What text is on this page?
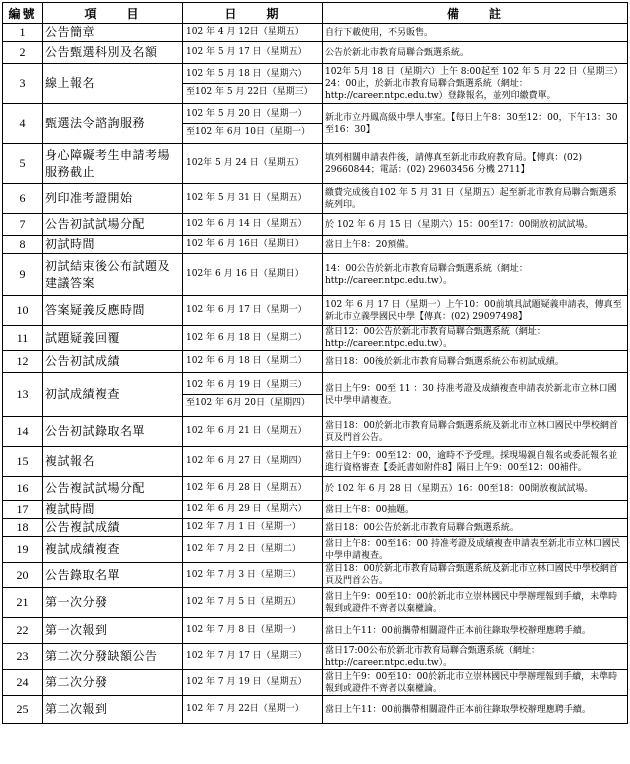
編號	項　　目	日　　期	備　　註
1	公告簡章	102 年 4 月 12日（星期五）	自行下載使用，不另販售。
2	公告甄選科別及名額	102 年 5 月 17 日（星期五）	公告於新北市教育局聯合甄選系統。
3	線上報名	102 年 5 月 18 日（星期六）
至102 年 5 月 22日（星期三）	102年 5月 18 日（星期六）上午 8:00起至 102 年 5 月 22 日（星期三）24：00止，於新北市教育局聯合甄選系統（網址：http://career.ntpc.edu.tw）登錄報名，並列印繳費單。
4	甄選法令諮詢服務	102 年 5 月 20 日（星期一）
至102 年 6月 10日（星期一）	新北市立丹鳳高級中學人事室。【每日上午8：30至12：00，下午13：30至16：30】
5	身心障礙考生申請考場服務截止	102年 5 月 24 日（星期五）	填列相關申請表件後，請傳真至新北市政府教育局。【傳真：(02) 29660844；電話：(02) 29603456 分機 2711】
6	列印准考證開始	102 年 5 月 31 日（星期五）	繳費完成後自102 年 5 月 31 日（星期五）起至新北市教育局聯合甄選系統列印。
7	公告初試試場分配	102 年 6 月 14 日（星期五）	於 102 年 6 月 15 日（星期六）15：00至17：00開放初試試場。
8	初試時間	102 年 6 月 16日（星期日）	當日上午8：20預備。
9	初試結束後公布試題及建議答案	102年 6 月 16 日（星期日）	14：00公告於新北市教育局聯合甄選系統（網址：http://career.ntpc.edu.tw）。
10	答案疑義反應時間	102 年 6 月 17 日（星期一）	102 年 6 月 17 日（星期一）上午10：00前填具試題疑義申請表，傳真至新北市立義學國民中學【傳真：(02) 29097498】
11	試題疑義回覆	102 年 6 月 18 日（星期二）	當日12：00公告於新北市教育局聯合甄選系統（網址：http://career.ntpc.edu.tw）。
12	公告初試成績	102 年 6 月 18 日（星期二）	當日18：00後於新北市教育局聯合甄選系統公布初試成績。
13	初試成績複查	102 年 6 月 19 日（星期三）
至102 年 6月 20日（星期四）	當日上午9：00至 11 ：30 持准考證及成績複查申請表於新北市立林口國民中學申請複查。
14	公告初試錄取名單	102 年 6 月 21 日（星期五）	當日18：00於新北市教育局聯合甄選系統及新北市立林口國民中學校網首頁及門首公告。
15	複試報名	102 年 6 月 27 日（星期四）	當日上午9：00至12：00，逾時不予受理。採現場親自報名或委託報名並進行資格審查【委託書如附件8】隔日上午9：00至12：00補件。
16	公告複試試場分配	102 年 6 月 28 日（星期五）	於 102 年 6 月 28 日（星期五）16：00至18：00開放複試試場。
17	複試時間	102 年 6 月 29 日（星期六）	當日上午8：00抽題。
18	公告複試成績	102 年 7 月 1 日（星期一）	當日18：00公告於新北市教育局聯合甄選系統。
19	複試成績複查	102 年 7 月 2 日（星期二）	當日上午8：00至16：00 持准考證及成績複查申請表至新北市立林口國民中學申請複查。
20	公告錄取名單	102 年 7 月 3 日（星期三）	當日18：00於新北市教育局聯合甄選系統及新北市立林口國民中學校網首頁及門首公告。
21	第一次分發	102 年 7 月 5 日（星期五）	當日上午9：00至10：00於新北市立崇林國民中學辦理報到手續，未準時報到或證件不齊者以棄權論。
22	第一次報到	102 年 7 月 8 日（星期一）	當日上午11：00前攜帶相關證件正本前往錄取學校辦理應聘手續。
23	第二次分發缺額公告	102 年 7 月 17 日（星期三）	當日17:00公布於新北市教育局聯合甄選系統（網址：http://career.ntpc.edu.tw）。
24	第二次分發	102 年 7 月 19 日（星期五）	當日上午9：00至10：00於新北市立崇林國民中學辦理報到手續，未準時報到或證件不齊者以棄權論。
25	第二次報到	102 年 7 月 22日（星期一）	當日上午11：00前攜帶相關證件正本前往錄取學校辦理應聘手續。
